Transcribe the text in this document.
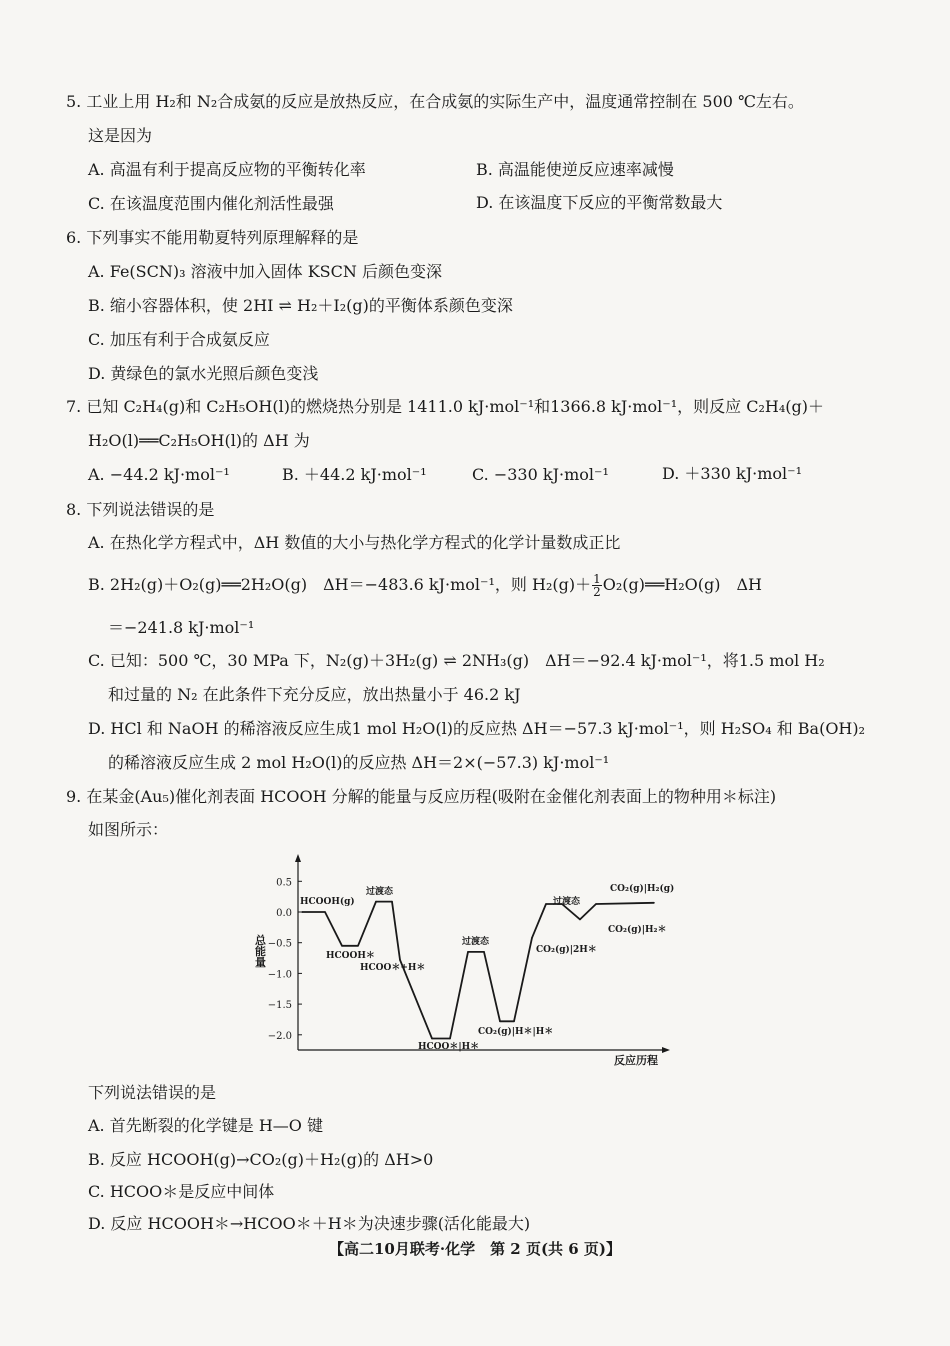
5. 工业上用 H₂和 N₂合成氨的反应是放热反应，在合成氨的实际生产中，温度通常控制在 500 ℃左右。
这是因为
A. 高温有利于提高反应物的平衡转化率	B. 高温能使逆反应速率减慢
C. 在该温度范围内催化剂活性最强	D. 在该温度下反应的平衡常数最大
6. 下列事实不能用勒夏特列原理解释的是
A. Fe(SCN)₃ 溶液中加入固体 KSCN 后颜色变深
B. 缩小容器体积，使 2HI ⇌ H₂＋I₂(g)的平衡体系颜色变深
C. 加压有利于合成氨反应
D. 黄绿色的氯水光照后颜色变浅
7. 已知 C₂H₄(g)和 C₂H₅OH(l)的燃烧热分别是 1411.0 kJ·mol⁻¹和1366.8 kJ·mol⁻¹，则反应 C₂H₄(g)＋
H₂O(l)══C₂H₅OH(l)的 ΔH 为
A. −44.2 kJ·mol⁻¹	B. ＋44.2 kJ·mol⁻¹	C. −330 kJ·mol⁻¹	D. ＋330 kJ·mol⁻¹
8. 下列说法错误的是
A. 在热化学方程式中，ΔH 数值的大小与热化学方程式的化学计量数成正比
B. 2H₂(g)＋O₂(g)══2H₂O(g)　ΔH＝−483.6 kJ·mol⁻¹，则 $H_2(g)+ \frac{1}{2}$ O₂(g)══H₂O(g)　ΔH
＝−241.8 kJ·mol⁻¹
C. 已知：500 ℃，30 MPa 下，N₂(g)＋3H₂(g) ⇌ 2NH₃(g)　ΔH＝−92.4 kJ·mol⁻¹，将1.5 mol H₂
和过量的 N₂ 在此条件下充分反应，放出热量小于 46.2 kJ
D. HCl 和 NaOH 的稀溶液反应生成1 mol H₂O(l)的反应热 ΔH＝−57.3 kJ·mol⁻¹，则 H₂SO₄ 和 Ba(OH)₂
的稀溶液反应生成 2 mol H₂O(l)的反应热 ΔH＝2×(−57.3) kJ·mol⁻¹
9. 在某金(Au₅)催化剂表面 HCOOH 分解的能量与反应历程(吸附在金催化剂表面上的物种用＊标注)
如图所示：
总能量
反应历程
0.5
0.0
−0.5
−1.0
−1.5
−2.0
HCOOH(g)
过渡态
HCOOH＊
HCOO＊+H＊
HCOO＊|H＊
过渡态
CO₂(g)|H＊|H＊
CO₂(g)|2H＊
过渡态
CO₂(g)|H₂＊
CO₂(g)|H₂(g)
下列说法错误的是
A. 首先断裂的化学键是 H—O 键
B. 反应 HCOOH(g)→CO₂(g)＋H₂(g)的 ΔH>0
C. HCOO＊是反应中间体
D. 反应 HCOOH＊→HCOO＊＋H＊为决速步骤(活化能最大)
【高二10月联考·化学　第 2 页(共 6 页)】
